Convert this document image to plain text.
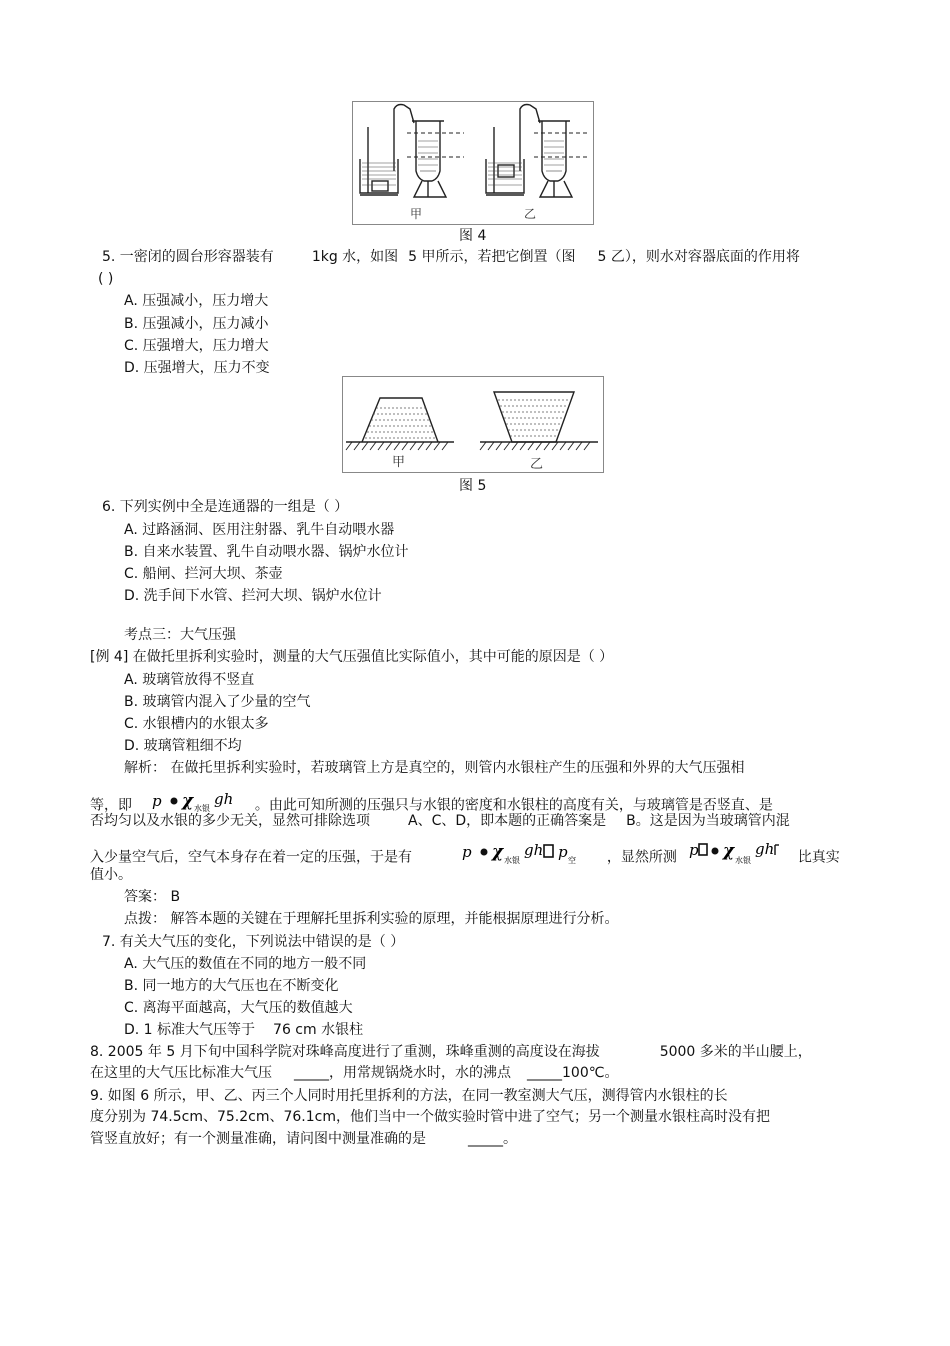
甲	乙
图 4
5. 一密闭的圆台形容器装有	1kg 水，如图 5 甲所示，若把它倒置（图 5 乙），则水对容器底面的作用将
( )
A. 压强减小，压力增大
B. 压强减小，压力减小
C. 压强增大，压力增大
D. 压强增大，压力不变
甲	乙
图 5
6. 下列实例中全是连通器的一组是（ ）
A. 过路涵洞、医用注射器、乳牛自动喂水器
B. 自来水装置、乳牛自动喂水器、锅炉水位计
C. 船闸、拦河大坝、茶壶
D. 洗手间下水管、拦河大坝、锅炉水位计
考点三：大气压强
[例 4] 在做托里拆利实验时，测量的大气压强值比实际值小，其中可能的原因是（ ）
A. 玻璃管放得不竖直
B. 玻璃管内混入了少量的空气
C. 水银槽内的水银太多
D. 玻璃管粗细不均
解析： 在做托里拆利实验时，若玻璃管上方是真空的，则管内水银柱产生的压强和外界的大气压强相
等，即 p χ 水银
gh 。由此可知所测的压强只与水银的密度和水银柱的高度有关，与玻璃管是否竖直、是
否均匀以及水银的多少无关，显然可排除选项	A、C、D，即本题的正确答案是 B。这是因为当玻璃管内混
入少量空气后，空气本身存在着一定的压强，于是有	p χ 水银
gh p 空 ，显然所测 p χ 水银
gh 比真实
值小。
答案： B
点拨： 解答本题的关键在于理解托里拆利实验的原理，并能根据原理进行分析。
7. 有关大气压的变化，下列说法中错误的是（ ）
A. 大气压的数值在不同的地方一般不同
B. 同一地方的大气压也在不断变化
C. 离海平面越高，大气压的数值越大
D. 1 标准大气压等于 76 cm 水银柱
8. 2005 年 5 月下旬中国科学院对珠峰高度进行了重测，珠峰重测的高度设在海拔	5000 多米的半山腰上，
在这里的大气压比标准大气压 _____，用常规锅烧水时，水的沸点 _____100℃。
9. 如图 6 所示，甲、乙、丙三个人同时用托里拆利的方法，在同一教室测大气压，测得管内水银柱的长
度分别为 74.5cm、75.2cm、76.1cm，他们当中一个做实验时管中进了空气；另一个测量水银柱高时没有把
管竖直放好；有一个测量准确，请问图中测量准确的是	_____。
